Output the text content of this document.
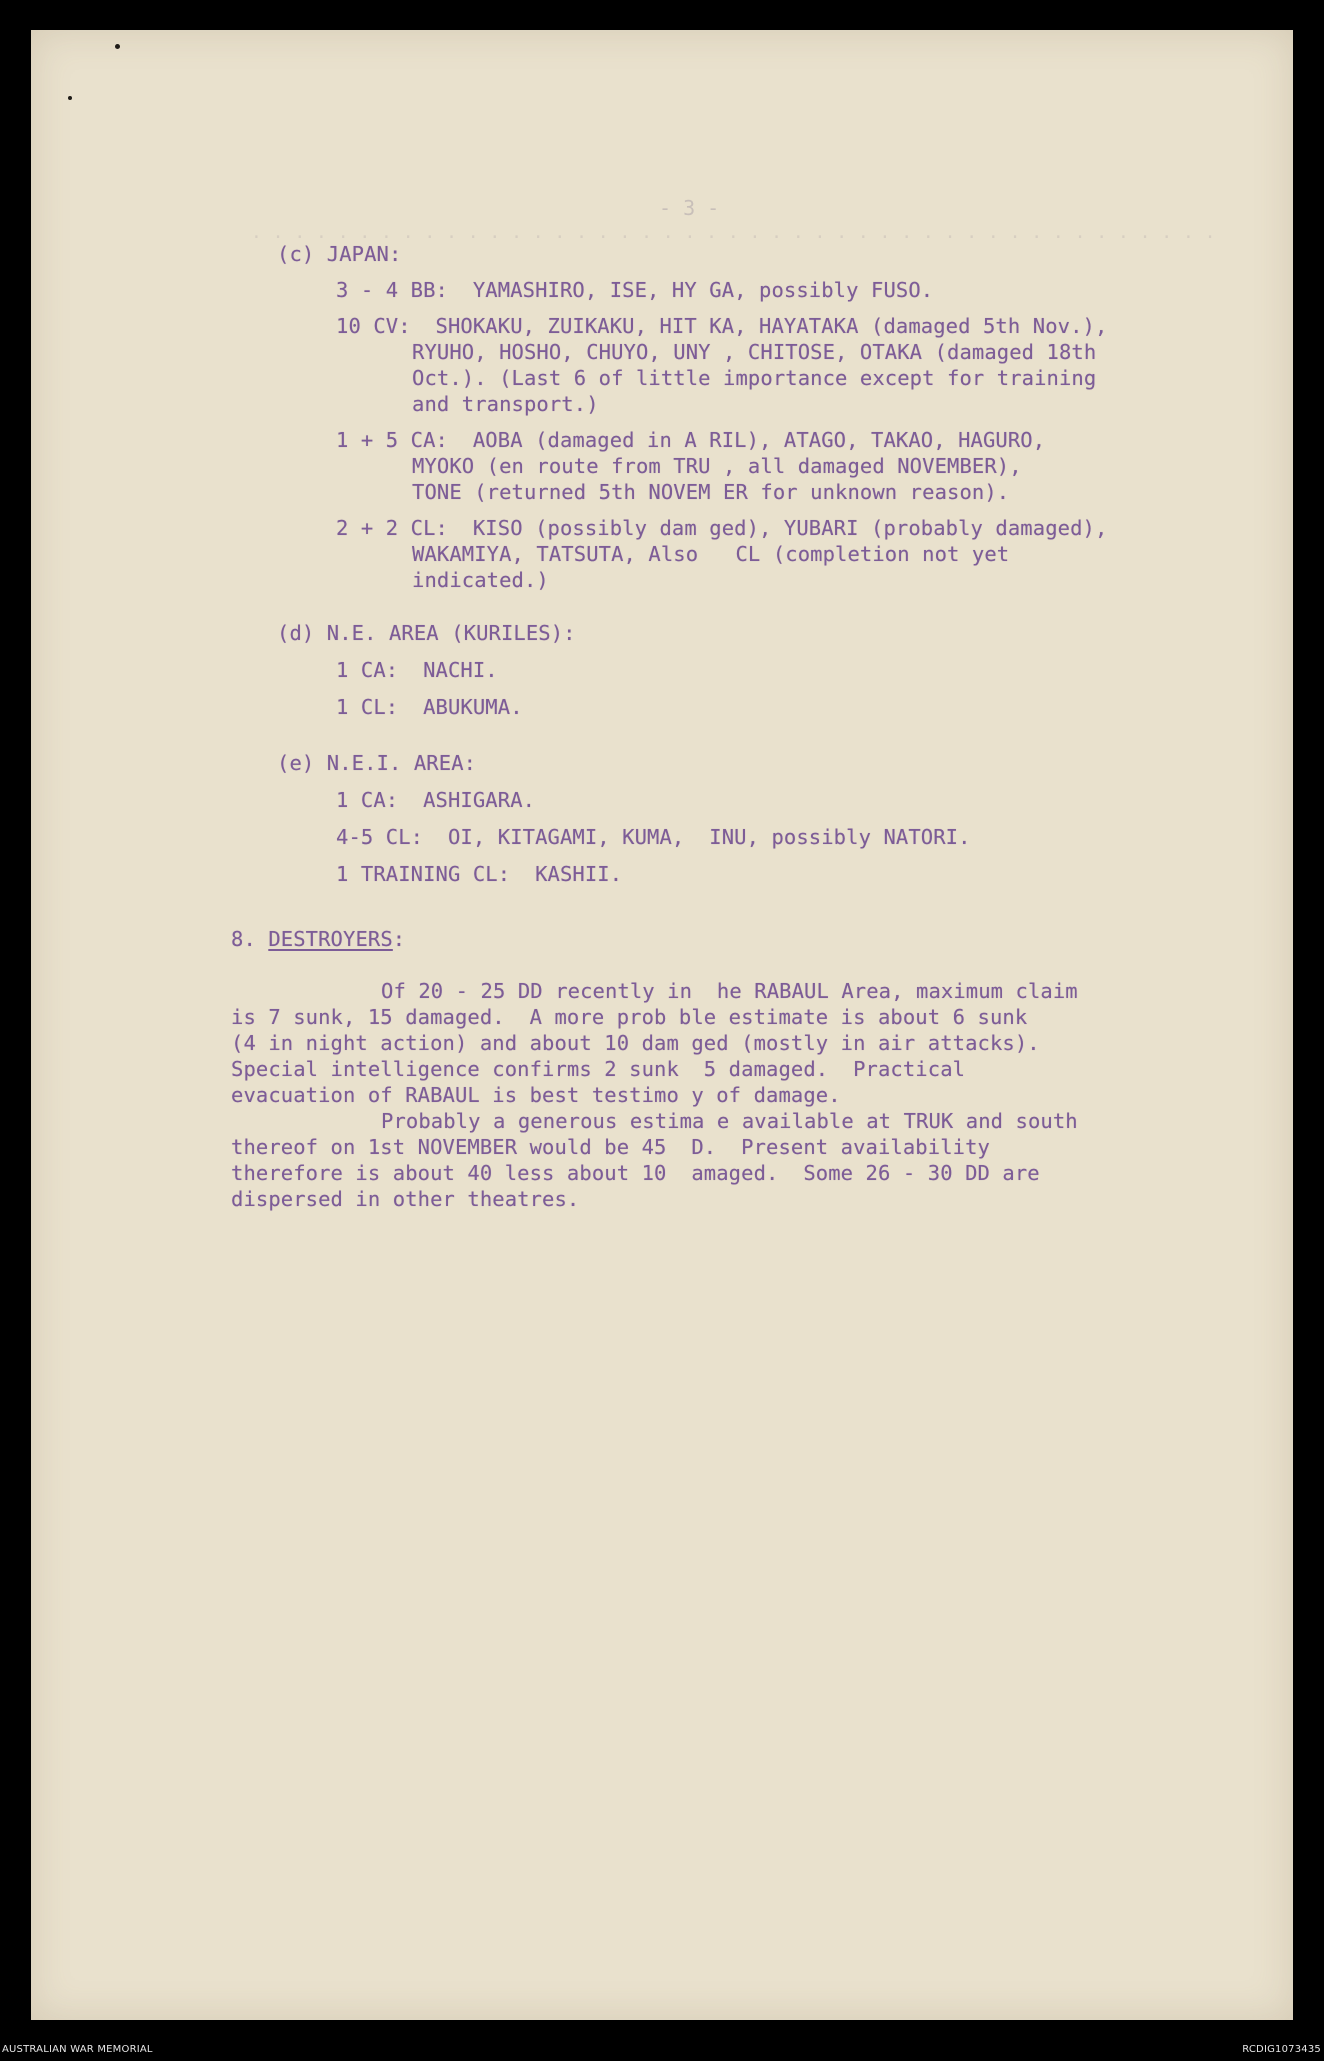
- 3 -
. . . . . . . . . . . . . . . . . . . . . . . . . . . . . . . . . . . . . . . . . . . . .
(c) JAPAN:
3 - 4 BB:  YAMASHIRO, ISE, HY GA, possibly FUSO.
10 CV:  SHOKAKU, ZUIKAKU, HIT KA, HAYATAKA (damaged 5th Nov.),
RYUHO, HOSHO, CHUYO, UNY , CHITOSE, OTAKA (damaged 18th
Oct.). (Last 6 of little importance except for training
and transport.)
1 + 5 CA:  AOBA (damaged in A RIL), ATAGO, TAKAO, HAGURO,
MYOKO (en route from TRU , all damaged NOVEMBER),
TONE (returned 5th NOVEM ER for unknown reason).
2 + 2 CL:  KISO (possibly dam ged), YUBARI (probably damaged),
WAKAMIYA, TATSUTA, Also   CL (completion not yet
indicated.)
(d) N.E. AREA (KURILES):
1 CA:  NACHI.
1 CL:  ABUKUMA.
(e) N.E.I. AREA:
1 CA:  ASHIGARA.
4-5 CL:  OI, KITAGAMI, KUMA,  INU, possibly NATORI.
1 TRAINING CL:  KASHII.
8. DESTROYERS:
Of 20 - 25 DD recently in  he RABAUL Area, maximum claim
is 7 sunk, 15 damaged.  A more prob ble estimate is about 6 sunk
(4 in night action) and about 10 dam ged (mostly in air attacks).
Special intelligence confirms 2 sunk  5 damaged.  Practical
evacuation of RABAUL is best testimo y of damage.
Probably a generous estima e available at TRUK and south
thereof on 1st NOVEMBER would be 45  D.  Present availability
therefore is about 40 less about 10  amaged.  Some 26 - 30 DD are
dispersed in other theatres.
AUSTRALIAN WAR MEMORIAL	RCDIG1073435
